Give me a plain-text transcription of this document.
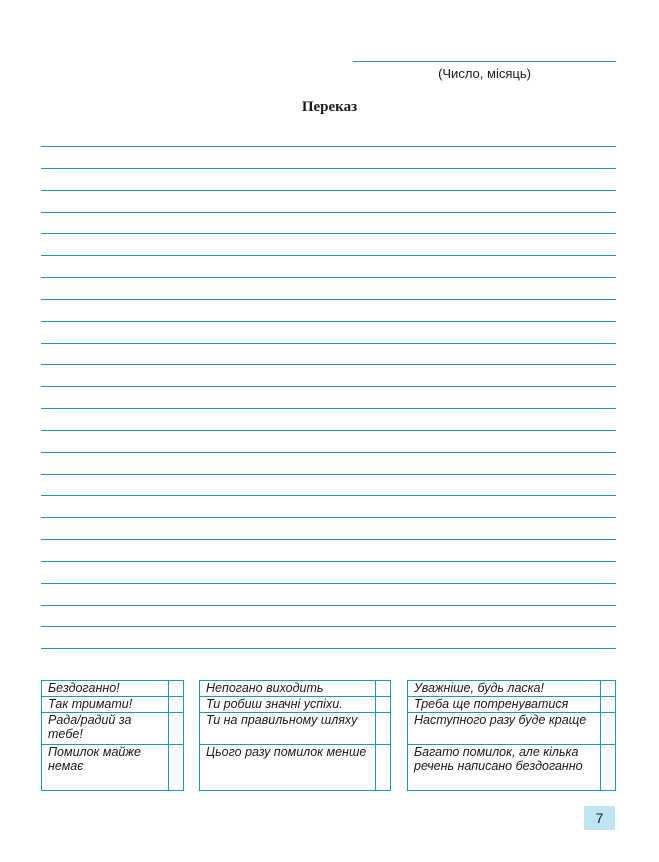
(Число, місяць)
Переказ
Бездоганно!	
Так тримати!	
Рада/радий за тебе!	
Помилок майже немає	
Непогано виходить	
Ти робиш значні успіхи.	
Ти на правильному шляху	
Цього разу помилок менше	
Уважніше, будь ласка!	
Треба ще потренуватися	
Наступного разу буде краще	
Багато помилок, але кілька речень написано бездоганно	
7
